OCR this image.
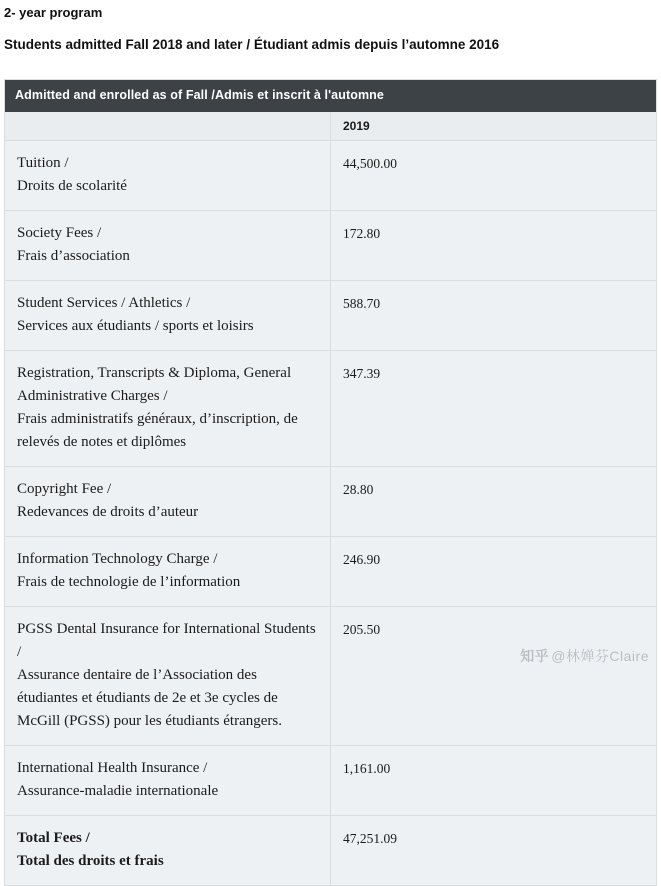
2- year program
Students admitted Fall 2018 and later / Étudiant admis depuis l’automne 2016
Admitted and enrolled as of Fall /Admis et inscrit à l'automne	
	2019

Tuition /
Droits de scolarité	44,500.00

Society Fees /
Frais d’association	172.80

Student Services / Athletics /
Services aux étudiants / sports et loisirs	588.70

Registration, Transcripts & Diploma, General Administrative Charges /
Frais administratifs généraux, d’inscription, de relevés de notes et diplômes	347.39

Copyright Fee /
Redevances de droits d’auteur	28.80

Information Technology Charge /
Frais de technologie de l’information	246.90

PGSS Dental Insurance for International Students /
Assurance dentaire de l’Association des étudiantes et étudiants de 2e et 3e cycles de McGill (PGSS) pour les étudiants étrangers.	205.50

International Health Insurance /
Assurance-maladie internationale	1,161.00

Total Fees /
Total des droits et frais	47,251.09
知乎 @林婵芬Claire
